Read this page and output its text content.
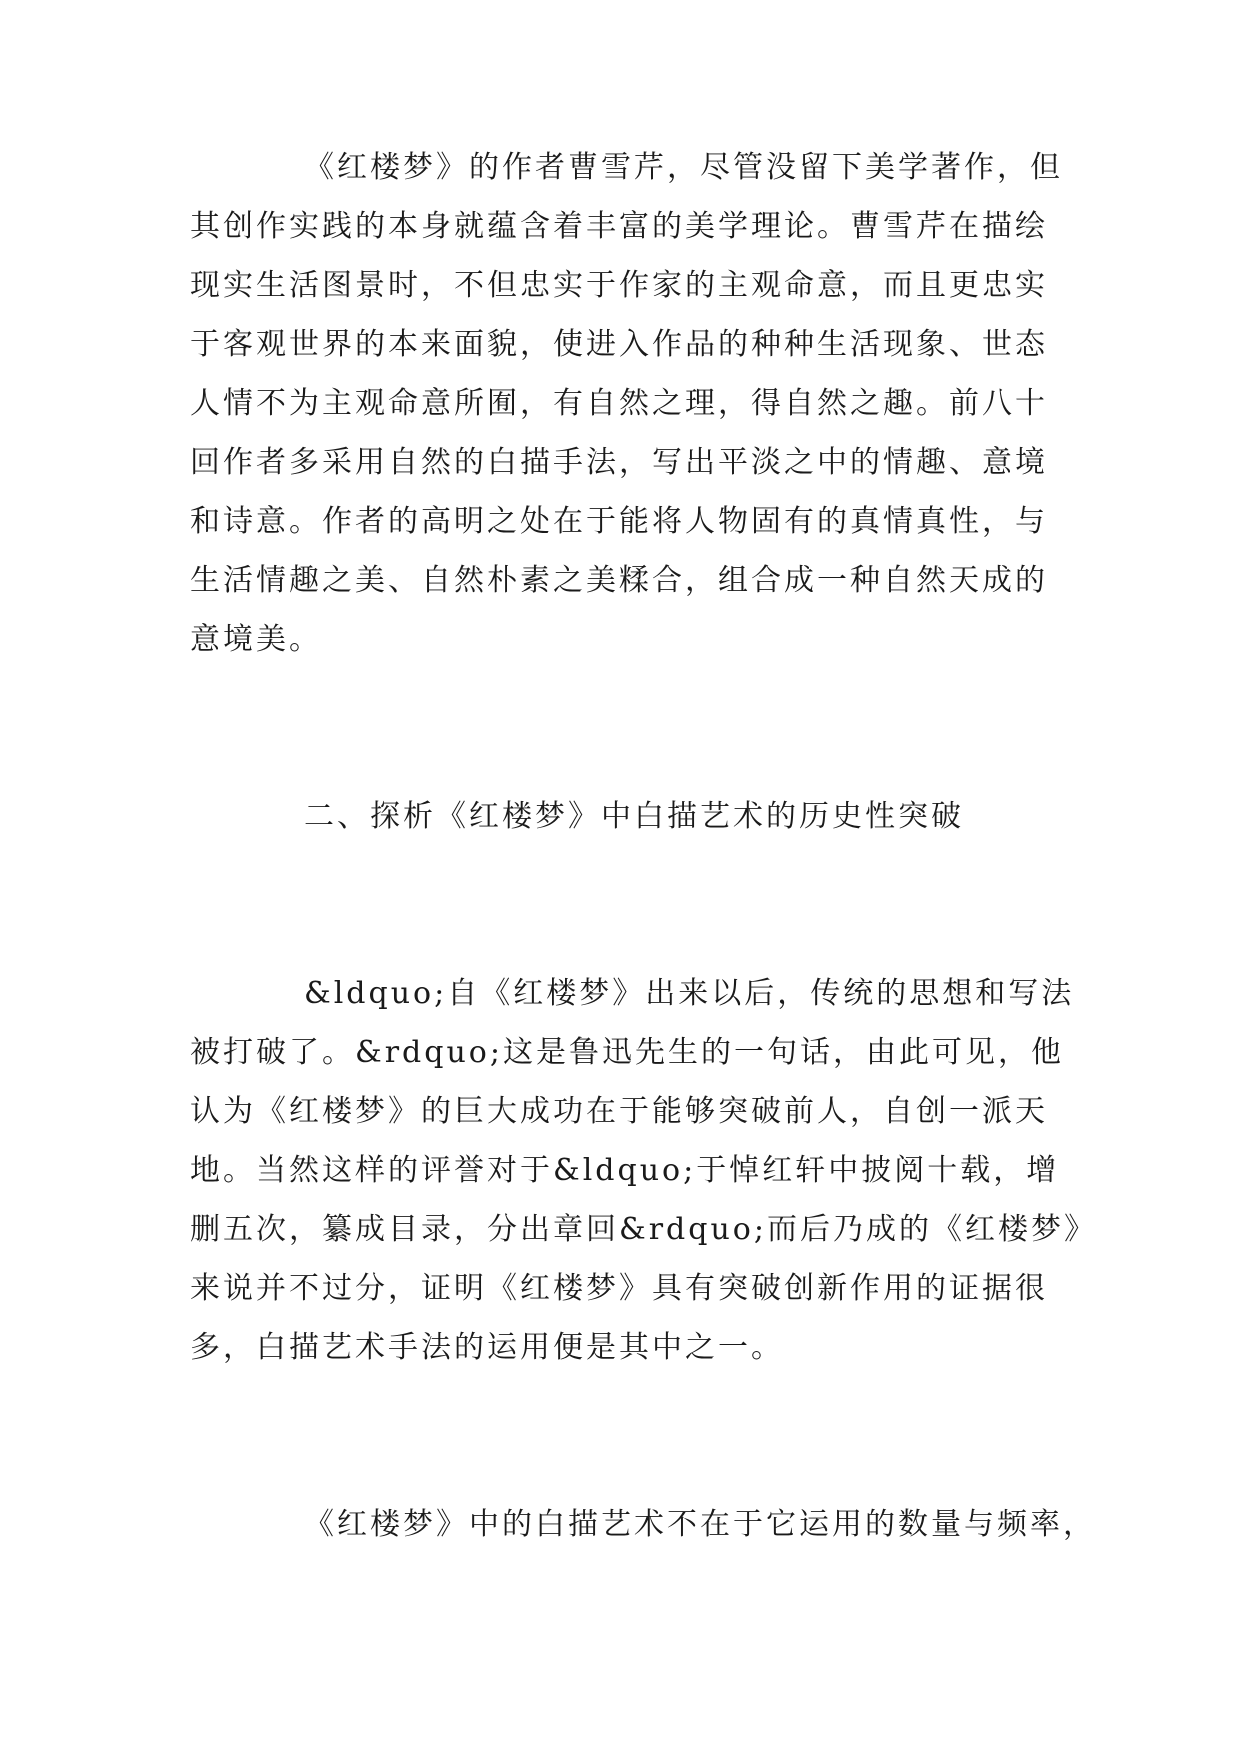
《红楼梦》的作者曹雪芹，尽管没留下美学著作，但
其创作实践的本身就蕴含着丰富的美学理论。曹雪芹在描绘
现实生活图景时，不但忠实于作家的主观命意，而且更忠实
于客观世界的本来面貌，使进入作品的种种生活现象、世态
人情不为主观命意所囿，有自然之理，得自然之趣。前八十
回作者多采用自然的白描手法，写出平淡之中的情趣、意境
和诗意。作者的高明之处在于能将人物固有的真情真性，与
生活情趣之美、自然朴素之美糅合，组合成一种自然天成的
意境美。
二、探析《红楼梦》中白描艺术的历史性突破
&ldquo;自《红楼梦》出来以后，传统的思想和写法
被打破了。&rdquo;这是鲁迅先生的一句话，由此可见，他
认为《红楼梦》的巨大成功在于能够突破前人，自创一派天
地。当然这样的评誉对于&ldquo;于悼红轩中披阅十载，增
删五次，纂成目录，分出章回&rdquo;而后乃成的《红楼梦》
来说并不过分，证明《红楼梦》具有突破创新作用的证据很
多，白描艺术手法的运用便是其中之一。
《红楼梦》中的白描艺术不在于它运用的数量与频率，
